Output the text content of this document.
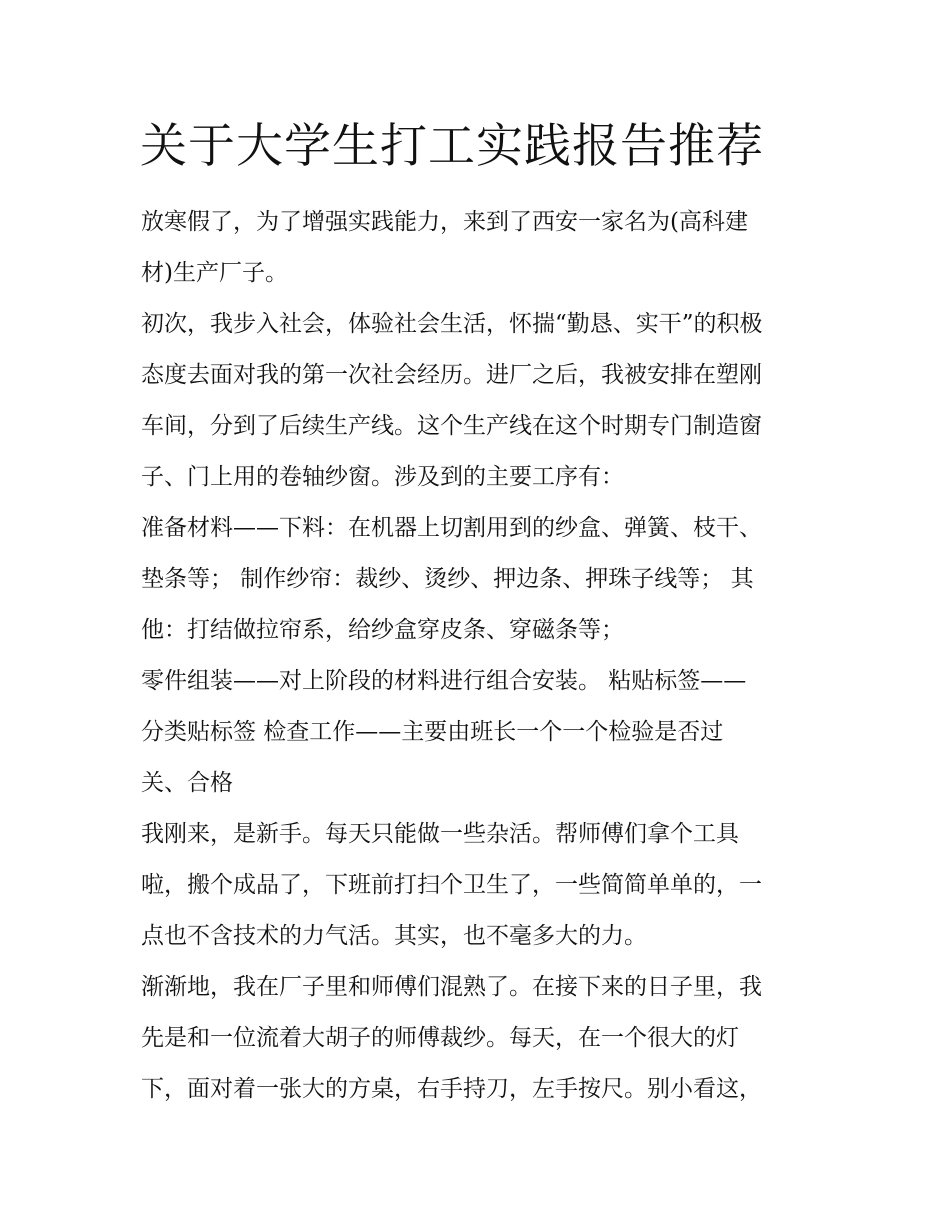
关于大学生打工实践报告推荐

放寒假了，为了增强实践能力，来到了西安一家名为(高科建

材)生产厂子。

初次，我步入社会，体验社会生活，怀揣“勤恳、实干”的积极

态度去面对我的第一次社会经历。进厂之后，我被安排在塑刚

车间，分到了后续生产线。这个生产线在这个时期专门制造窗

子、门上用的卷轴纱窗。涉及到的主要工序有：

准备材料——下料：在机器上切割用到的纱盒、弹簧、枝干、

垫条等； 制作纱帘：裁纱、烫纱、押边条、押珠子线等； 其

他：打结做拉帘系，给纱盒穿皮条、穿磁条等；

零件组装——对上阶段的材料进行组合安装。 粘贴标签——

分类贴标签 检查工作——主要由班长一个一个检验是否过

关、合格

我刚来，是新手。每天只能做一些杂活。帮师傅们拿个工具

啦，搬个成品了，下班前打扫个卫生了，一些简简单单的，一

点也不含技术的力气活。其实，也不毫多大的力。

渐渐地，我在厂子里和师傅们混熟了。在接下来的日子里，我

先是和一位流着大胡子的师傅裁纱。每天，在一个很大的灯

下，面对着一张大的方桌，右手持刀，左手按尺。别小看这，
